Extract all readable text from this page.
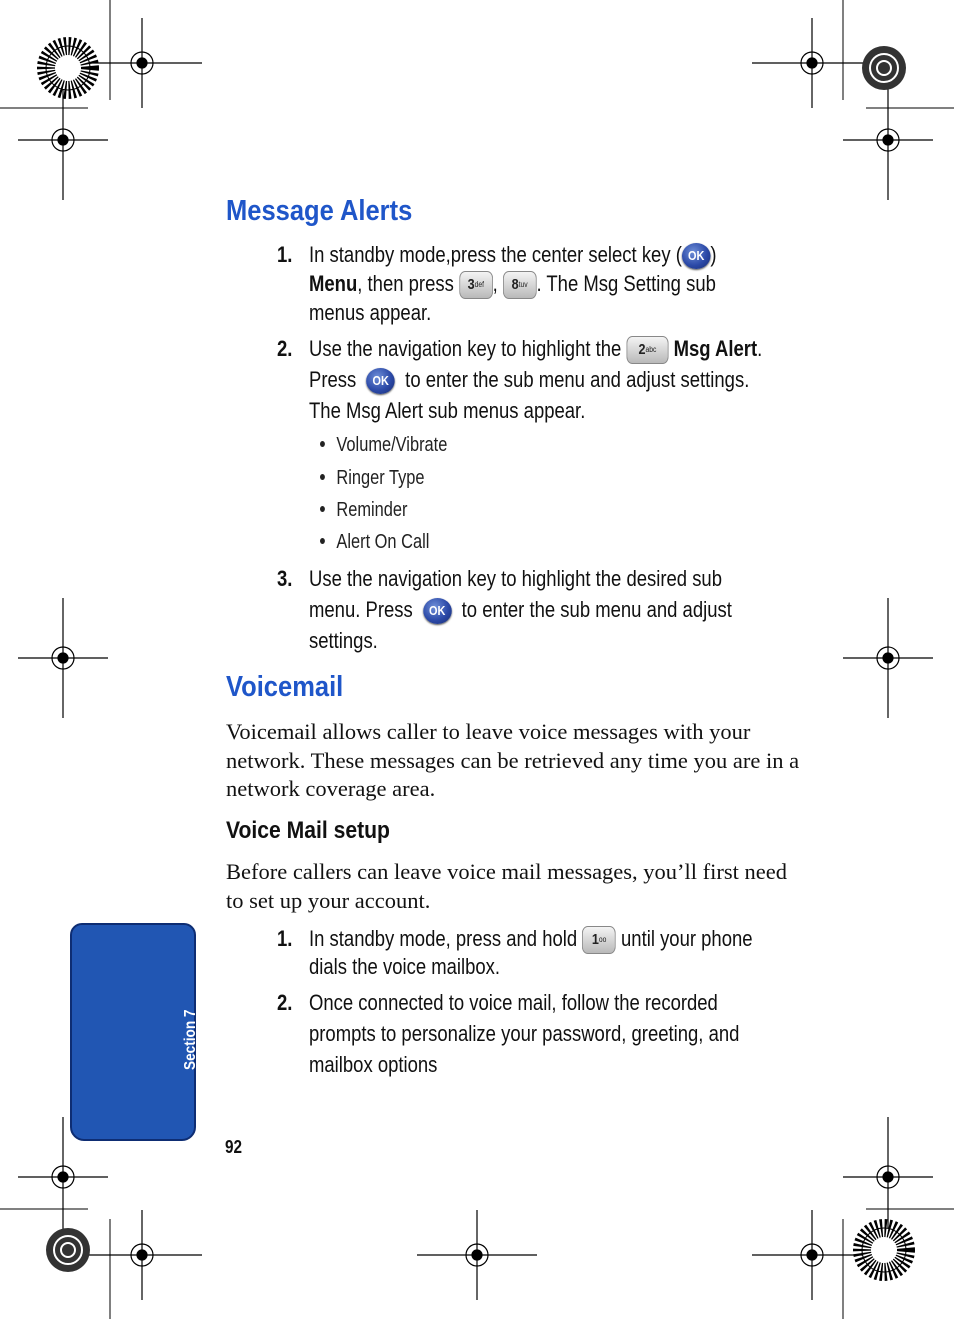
Message Alerts
1. In standby mode,press the center select key ( OK )
Menu, then press $3^{def}$ , $8^{tuv}$ . The Msg Setting sub
menus appear.
2. Use the navigation key to highlight the $2^{abc}$ Msg Alert.
Press OK to enter the sub menu and adjust settings.
The Msg Alert sub menus appear.
Volume/Vibrate
Ringer Type
Reminder
Alert On Call
3. Use the navigation key to highlight the desired sub
menu. Press OK to enter the sub menu and adjust
settings.
Voicemail
Voicemail allows caller to leave voice messages with your network. These messages can be retrieved any time you are in a network coverage area.
Voice Mail setup
Before callers can leave voice mail messages, you’ll first need to set up your account.
1. In standby mode, press and hold $1^{oo}$ until your phone
dials the voice mailbox.
2. Once connected to voice mail, follow the recorded
prompts to personalize your password, greeting, and
mailbox options
Section 7
92
